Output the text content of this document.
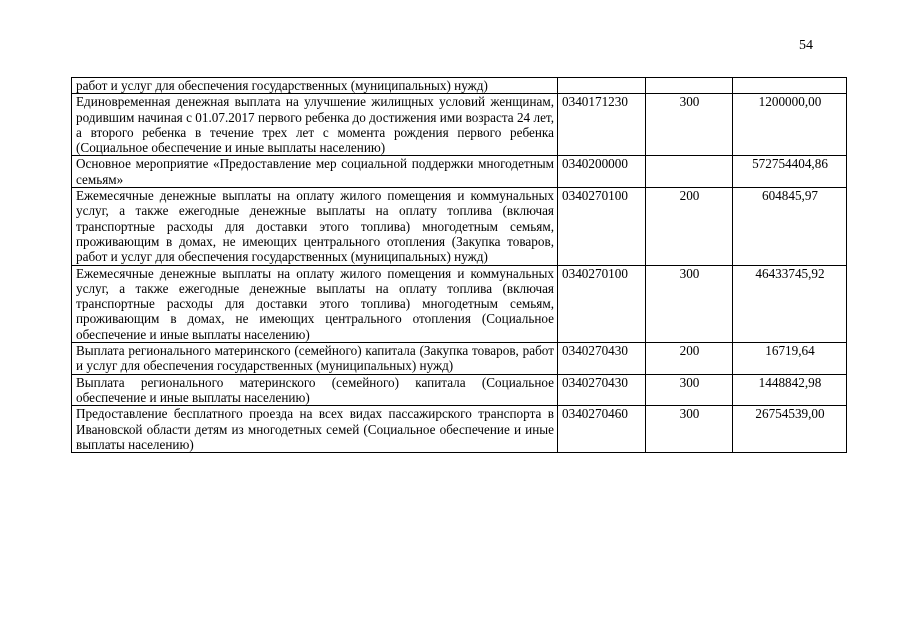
54
работ и услуг для обеспечения государственных (муниципальных) нужд)			
Единовременная денежная выплата на улучшение жилищных условий женщинам, родившим начиная с 01.07.2017 первого ребенка до достижения ими возраста 24 лет, а второго ребенка в течение трех лет с момента рождения первого ребенка (Социальное обеспечение и иные выплаты населению)	0340171230	300	1200000,00
Основное мероприятие «Предоставление мер социальной поддержки многодетным семьям»	0340200000		572754404,86
Ежемесячные денежные выплаты на оплату жилого помещения и коммунальных услуг, а также ежегодные денежные выплаты на оплату топлива (включая транспортные расходы для доставки этого топлива) многодетным семьям, проживающим в домах, не имеющих центрального отопления (Закупка товаров, работ и услуг для обеспечения государственных (муниципальных) нужд)	0340270100	200	604845,97
Ежемесячные денежные выплаты на оплату жилого помещения и коммунальных услуг, а также ежегодные денежные выплаты на оплату топлива (включая транспортные расходы для доставки этого топлива) многодетным семьям, проживающим в домах, не имеющих центрального отопления (Социальное обеспечение и иные выплаты населению)	0340270100	300	46433745,92
Выплата регионального материнского (семейного) капитала (Закупка товаров, работ и услуг для обеспечения государственных (муниципальных) нужд)	0340270430	200	16719,64
Выплата регионального материнского (семейного) капитала (Социальное обеспечение и иные выплаты населению)	0340270430	300	1448842,98
Предоставление бесплатного проезда на всех видах пассажирского транспорта в Ивановской области детям из многодетных семей (Социальное обеспечение и иные выплаты населению)	0340270460	300	26754539,00
